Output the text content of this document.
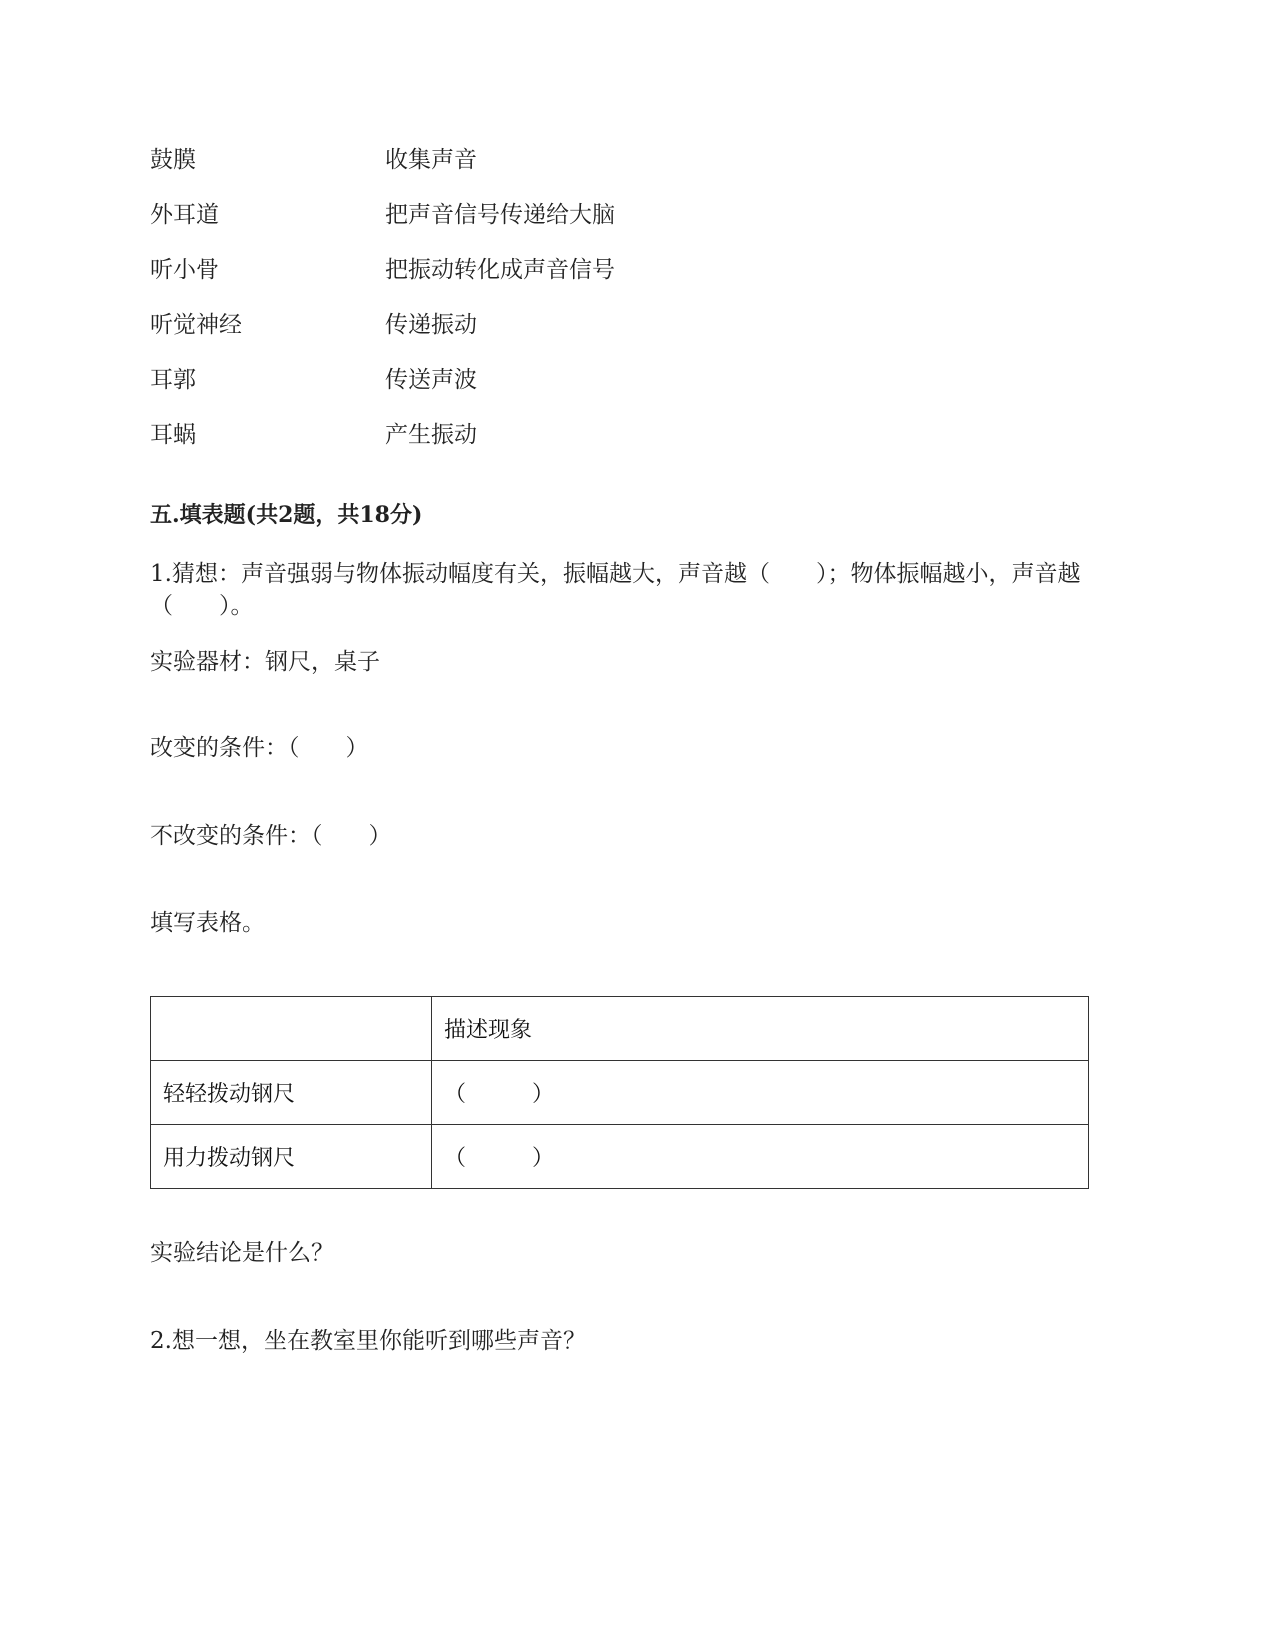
鼓膜	收集声音
外耳道	把声音信号传递给大脑
听小骨	把振动转化成声音信号
听觉神经	传递振动
耳郭	传送声波
耳蜗	产生振动
五.填表题(共2题，共18分)
1.猜想：声音强弱与物体振动幅度有关，振幅越大，声音越（　　）；物体振幅越小，声音越（　　）。
实验器材：钢尺，桌子
改变的条件：（　　）
不改变的条件：（　　）
填写表格。
	描述现象
轻轻拨动钢尺	（　　　）
用力拨动钢尺	（　　　）
实验结论是什么？
2.想一想，坐在教室里你能听到哪些声音？
